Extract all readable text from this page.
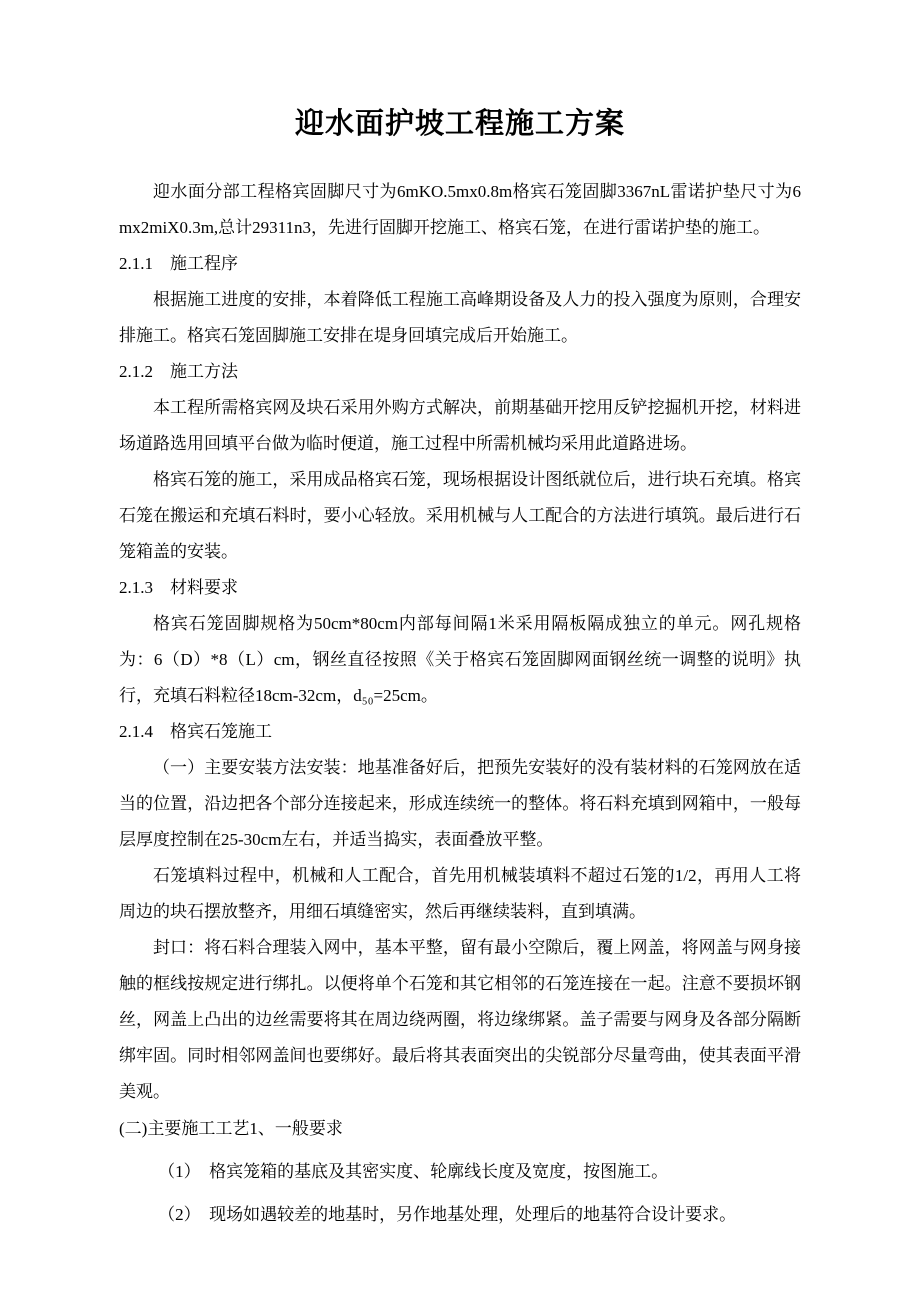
迎水面护坡工程施工方案

迎水面分部工程格宾固脚尺寸为6mKO.5mx0.8m格宾石笼固脚3367nL雷诺护垫尺寸为6mx2miX0.3m,总计29311n3，先进行固脚开挖施工、格宾石笼，在进行雷诺护垫的施工。

2.1.1　施工程序

根据施工进度的安排，本着降低工程施工高峰期设备及人力的投入强度为原则，合理安排施工。格宾石笼固脚施工安排在堤身回填完成后开始施工。

2.1.2　施工方法

本工程所需格宾网及块石采用外购方式解决，前期基础开挖用反铲挖掘机开挖，材料进场道路选用回填平台做为临时便道，施工过程中所需机械均采用此道路进场。

格宾石笼的施工，采用成品格宾石笼，现场根据设计图纸就位后，进行块石充填。格宾石笼在搬运和充填石料时，要小心轻放。采用机械与人工配合的方法进行填筑。最后进行石笼箱盖的安装。

2.1.3　材料要求

格宾石笼固脚规格为50cm*80cm内部每间隔1米采用隔板隔成独立的单元。网孔规格为：6（D）*8（L）cm，钢丝直径按照《关于格宾石笼固脚网面钢丝统一调整的说明》执行，充填石料粒径18cm-32cm，d₅₀=25cm。

2.1.4　格宾石笼施工

（一）主要安装方法安装：地基准备好后，把预先安装好的没有装材料的石笼网放在适当的位置，沿边把各个部分连接起来，形成连续统一的整体。将石料充填到网箱中，一般每层厚度控制在25-30cm左右，并适当捣实，表面叠放平整。

石笼填料过程中，机械和人工配合，首先用机械装填料不超过石笼的1/2，再用人工将周边的块石摆放整齐，用细石填缝密实，然后再继续装料，直到填满。

封口：将石料合理装入网中，基本平整，留有最小空隙后，覆上网盖，将网盖与网身接触的框线按规定进行绑扎。以便将单个石笼和其它相邻的石笼连接在一起。注意不要损坏钢丝，网盖上凸出的边丝需要将其在周边绕两圈，将边缘绑紧。盖子需要与网身及各部分隔断绑牢固。同时相邻网盖间也要绑好。最后将其表面突出的尖锐部分尽量弯曲，使其表面平滑美观。

(二)主要施工工艺1、一般要求

（1）　格宾笼箱的基底及其密实度、轮廓线长度及宽度，按图施工。

（2）　现场如遇较差的地基时，另作地基处理，处理后的地基符合设计要求。
